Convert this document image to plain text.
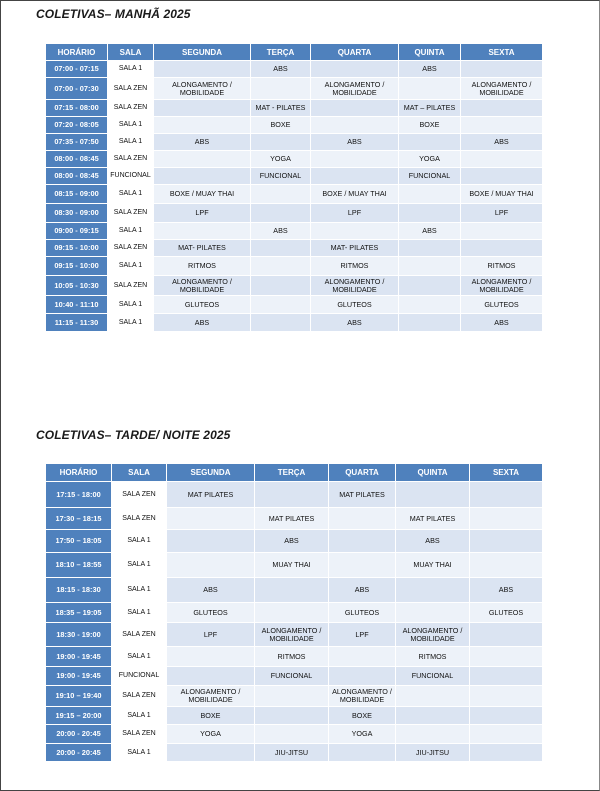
COLETIVAS– MANHÃ 2025
HORÁRIO	SALA	SEGUNDA	TERÇA	QUARTA	QUINTA	SEXTA
07:00 - 07:15	SALA 1		ABS		ABS	
07:00 - 07:30	SALA ZEN	ALONGAMENTO / MOBILIDADE		ALONGAMENTO / MOBILIDADE		ALONGAMENTO / MOBILIDADE
07:15 - 08:00	SALA ZEN		MAT - PILATES		MAT – PILATES	
07:20 - 08:05	SALA 1		BOXE		BOXE	
07:35 - 07:50	SALA 1	ABS		ABS		ABS
08:00 - 08:45	SALA ZEN		YOGA		YOGA	
08:00 - 08:45	FUNCIONAL		FUNCIONAL		FUNCIONAL	
08:15 - 09:00	SALA 1	BOXE / MUAY THAI		BOXE / MUAY THAI		BOXE / MUAY THAI
08:30 - 09:00	SALA ZEN	LPF		LPF		LPF
09:00 - 09:15	SALA 1		ABS		ABS	
09:15 - 10:00	SALA ZEN	MAT- PILATES		MAT- PILATES		
09:15 - 10:00	SALA 1	RITMOS		RITMOS		RITMOS
10:05 - 10:30	SALA ZEN	ALONGAMENTO / MOBILIDADE		ALONGAMENTO / MOBILIDADE		ALONGAMENTO / MOBILIDADE
10:40 - 11:10	SALA 1	GLUTEOS		GLUTEOS		GLUTEOS
11:15 - 11:30	SALA 1	ABS		ABS		ABS
COLETIVAS– TARDE/ NOITE 2025
HORÁRIO	SALA	SEGUNDA	TERÇA	QUARTA	QUINTA	SEXTA
17:15 - 18:00	SALA ZEN	MAT PILATES		MAT PILATES		
17:30 – 18:15	SALA ZEN		MAT PILATES		MAT PILATES	
17:50 – 18:05	SALA 1		ABS		ABS	
18:10 – 18:55	SALA 1		MUAY THAI		MUAY THAI	
18:15 - 18:30	SALA 1	ABS		ABS		ABS
18:35 – 19:05	SALA 1	GLUTEOS		GLUTEOS		GLUTEOS
18:30 - 19:00	SALA ZEN	LPF	ALONGAMENTO / MOBILIDADE	LPF	ALONGAMENTO / MOBILIDADE	
19:00 - 19:45	SALA 1		RITMOS		RITMOS	
19:00 - 19:45	FUNCIONAL		FUNCIONAL		FUNCIONAL	
19:10 – 19:40	SALA ZEN	ALONGAMENTO / MOBILIDADE		ALONGAMENTO / MOBILIDADE		
19:15 – 20:00	SALA 1	BOXE		BOXE		
20:00 - 20:45	SALA ZEN	YOGA		YOGA		
20:00 - 20:45	SALA 1		JIU-JITSU		JIU-JITSU	
